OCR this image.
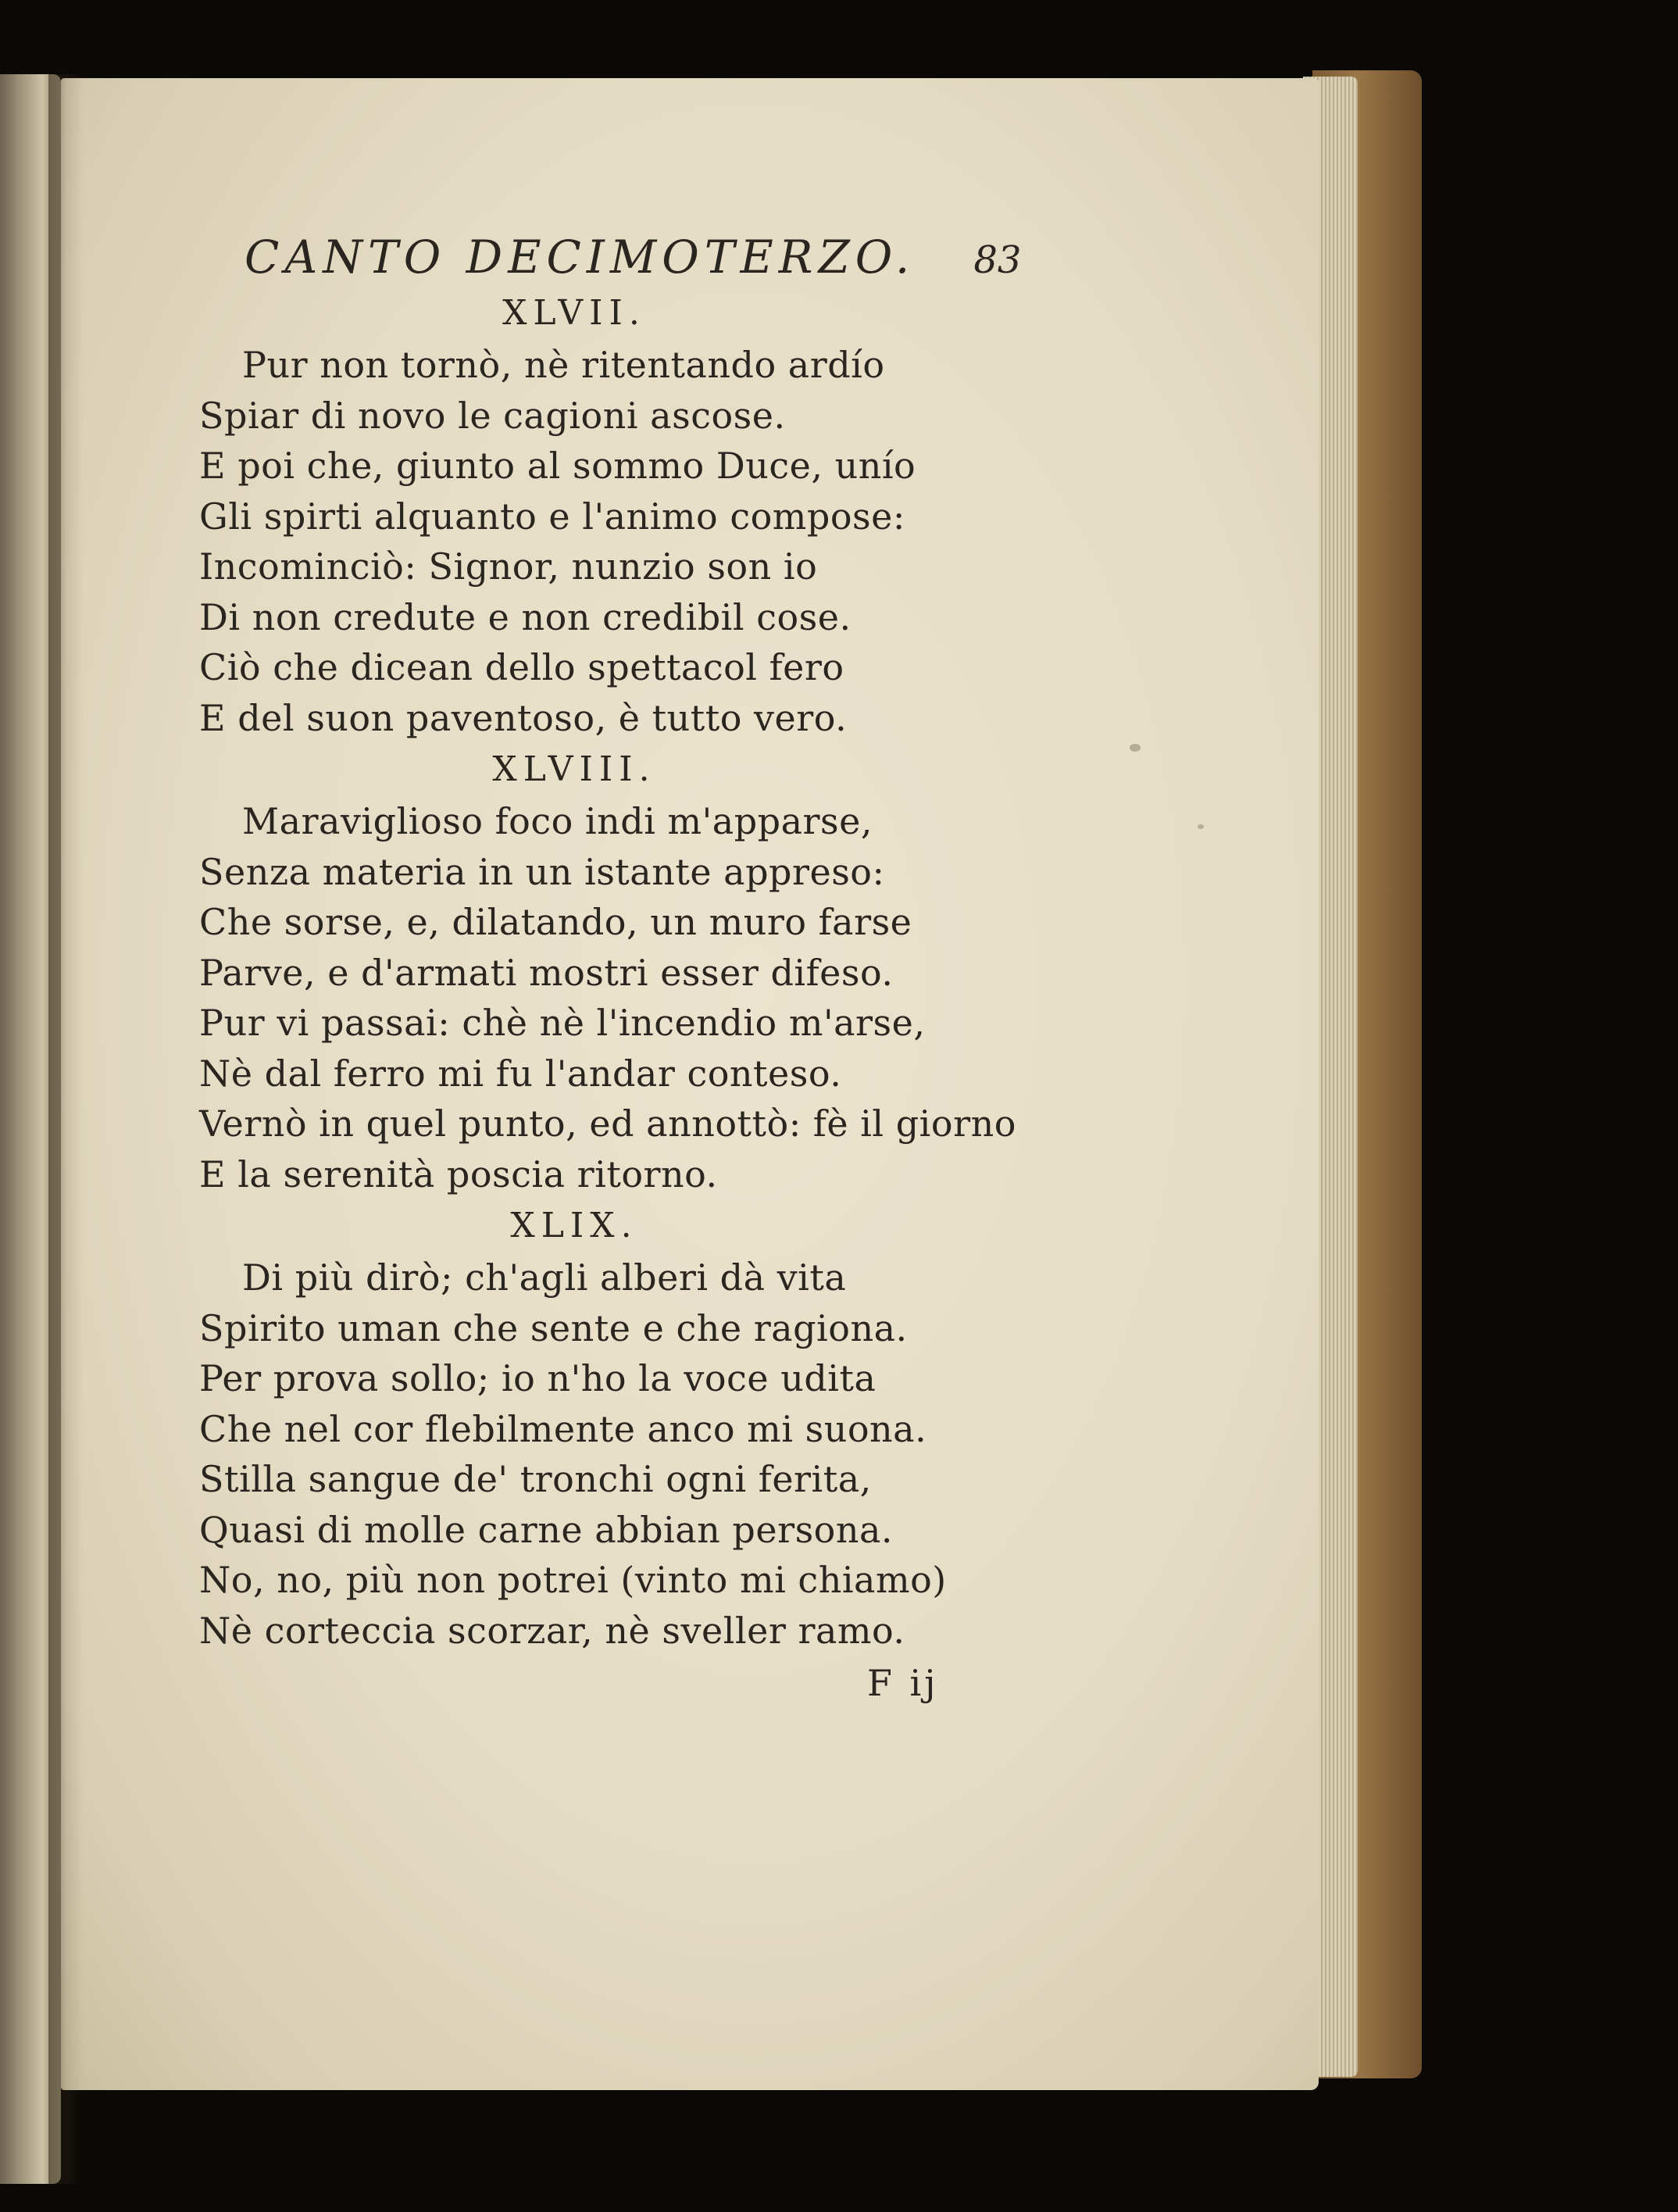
CANTO DECIMOTERZO. 83
XLVII.
Pur non tornò, nè ritentando ardío
Spiar di novo le cagioni ascose.
E poi che, giunto al sommo Duce, unío
Gli spirti alquanto e l'animo compose:
Incominciò: Signor, nunzio son io
Di non credute e non credibil cose.
Ciò che dicean dello spettacol fero
E del suon paventoso, è tutto vero.
XLVIII.
Maraviglioso foco indi m'apparse,
Senza materia in un istante appreso:
Che sorse, e, dilatando, un muro farse
Parve, e d'armati mostri esser difeso.
Pur vi passai: chè nè l'incendio m'arse,
Nè dal ferro mi fu l'andar conteso.
Vernò in quel punto, ed annottò: fè il giorno
E la serenità poscia ritorno.
XLIX.
Di più dirò; ch'agli alberi dà vita
Spirito uman che sente e che ragiona.
Per prova sollo; io n'ho la voce udita
Che nel cor flebilmente anco mi suona.
Stilla sangue de' tronchi ogni ferita,
Quasi di molle carne abbian persona.
No, no, più non potrei (vinto mi chiamo)
Nè corteccia scorzar, nè sveller ramo.
F ij
